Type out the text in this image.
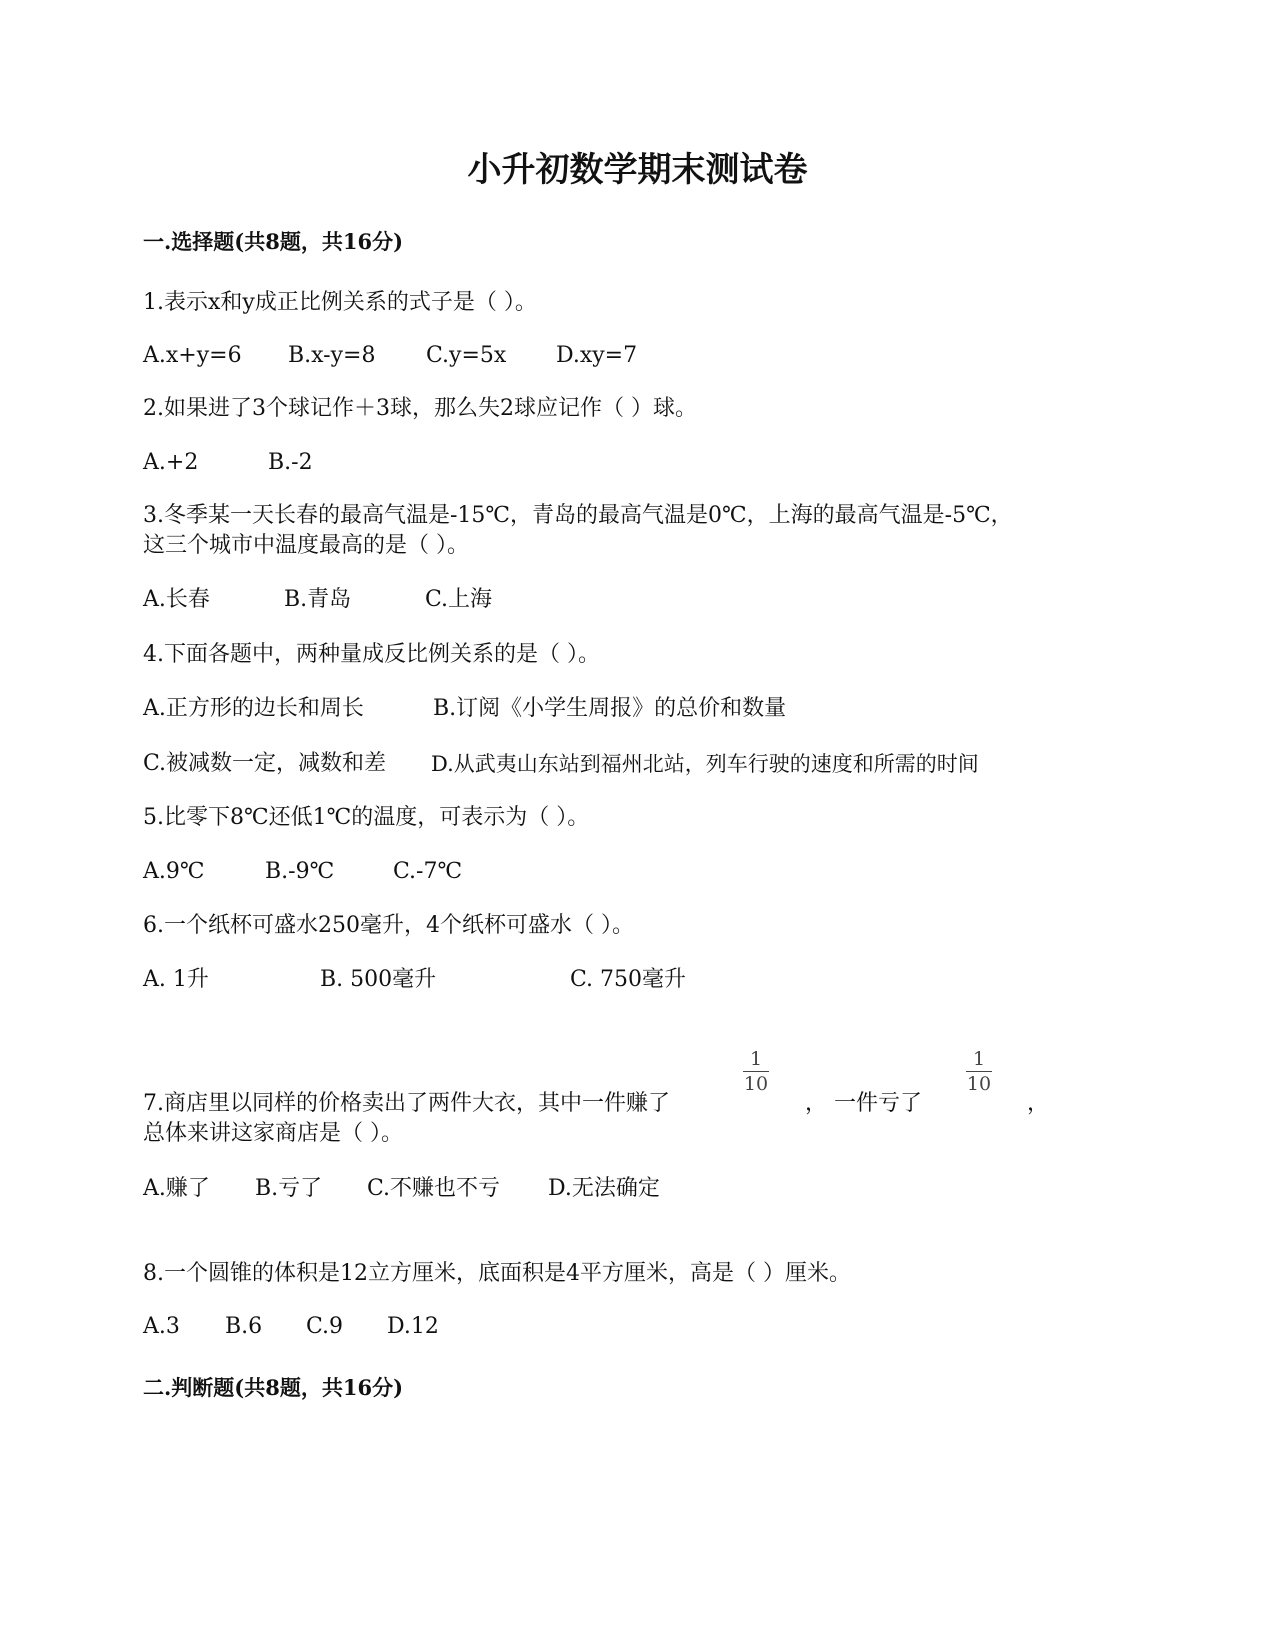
小升初数学期末测试卷
一.选择题(共8题，共16分)
1.表示x和y成正比例关系的式子是（ ）。
A.x+y=6 B.x-y=8 C.y=5x D.xy=7
2.如果进了3个球记作＋3球，那么失2球应记作（ ）球。
A.+2	B.-2
3.冬季某一天长春的最高气温是-15℃，青岛的最高气温是0℃，上海的最高气温是-5℃，
这三个城市中温度最高的是（ ）。
A.长春	B.青岛	C.上海
4.下面各题中，两种量成反比例关系的是（ ）。
A.正方形的边长和周长	B.订阅《小学生周报》的总价和数量
C.被减数一定，减数和差 D.从武夷山东站到福州北站，列车行驶的速度和所需的时间
5.比零下8℃还低1℃的温度，可表示为（ ）。
A.9℃	B.-9℃	C.-7℃
6.一个纸杯可盛水250毫升，4个纸杯可盛水（ ）。
A. 1升	B. 500毫升	C. 750毫升
1
10
1
10
7.商店里以同样的价格卖出了两件大衣，其中一件赚了	， 一件亏了	，
总体来讲这家商店是（ ）。
A.赚了 B.亏了 C.不赚也不亏 D.无法确定
8.一个圆锥的体积是12立方厘米，底面积是4平方厘米，高是（ ）厘米。
A.3 B.6 C.9 D.12
二.判断题(共8题，共16分)
